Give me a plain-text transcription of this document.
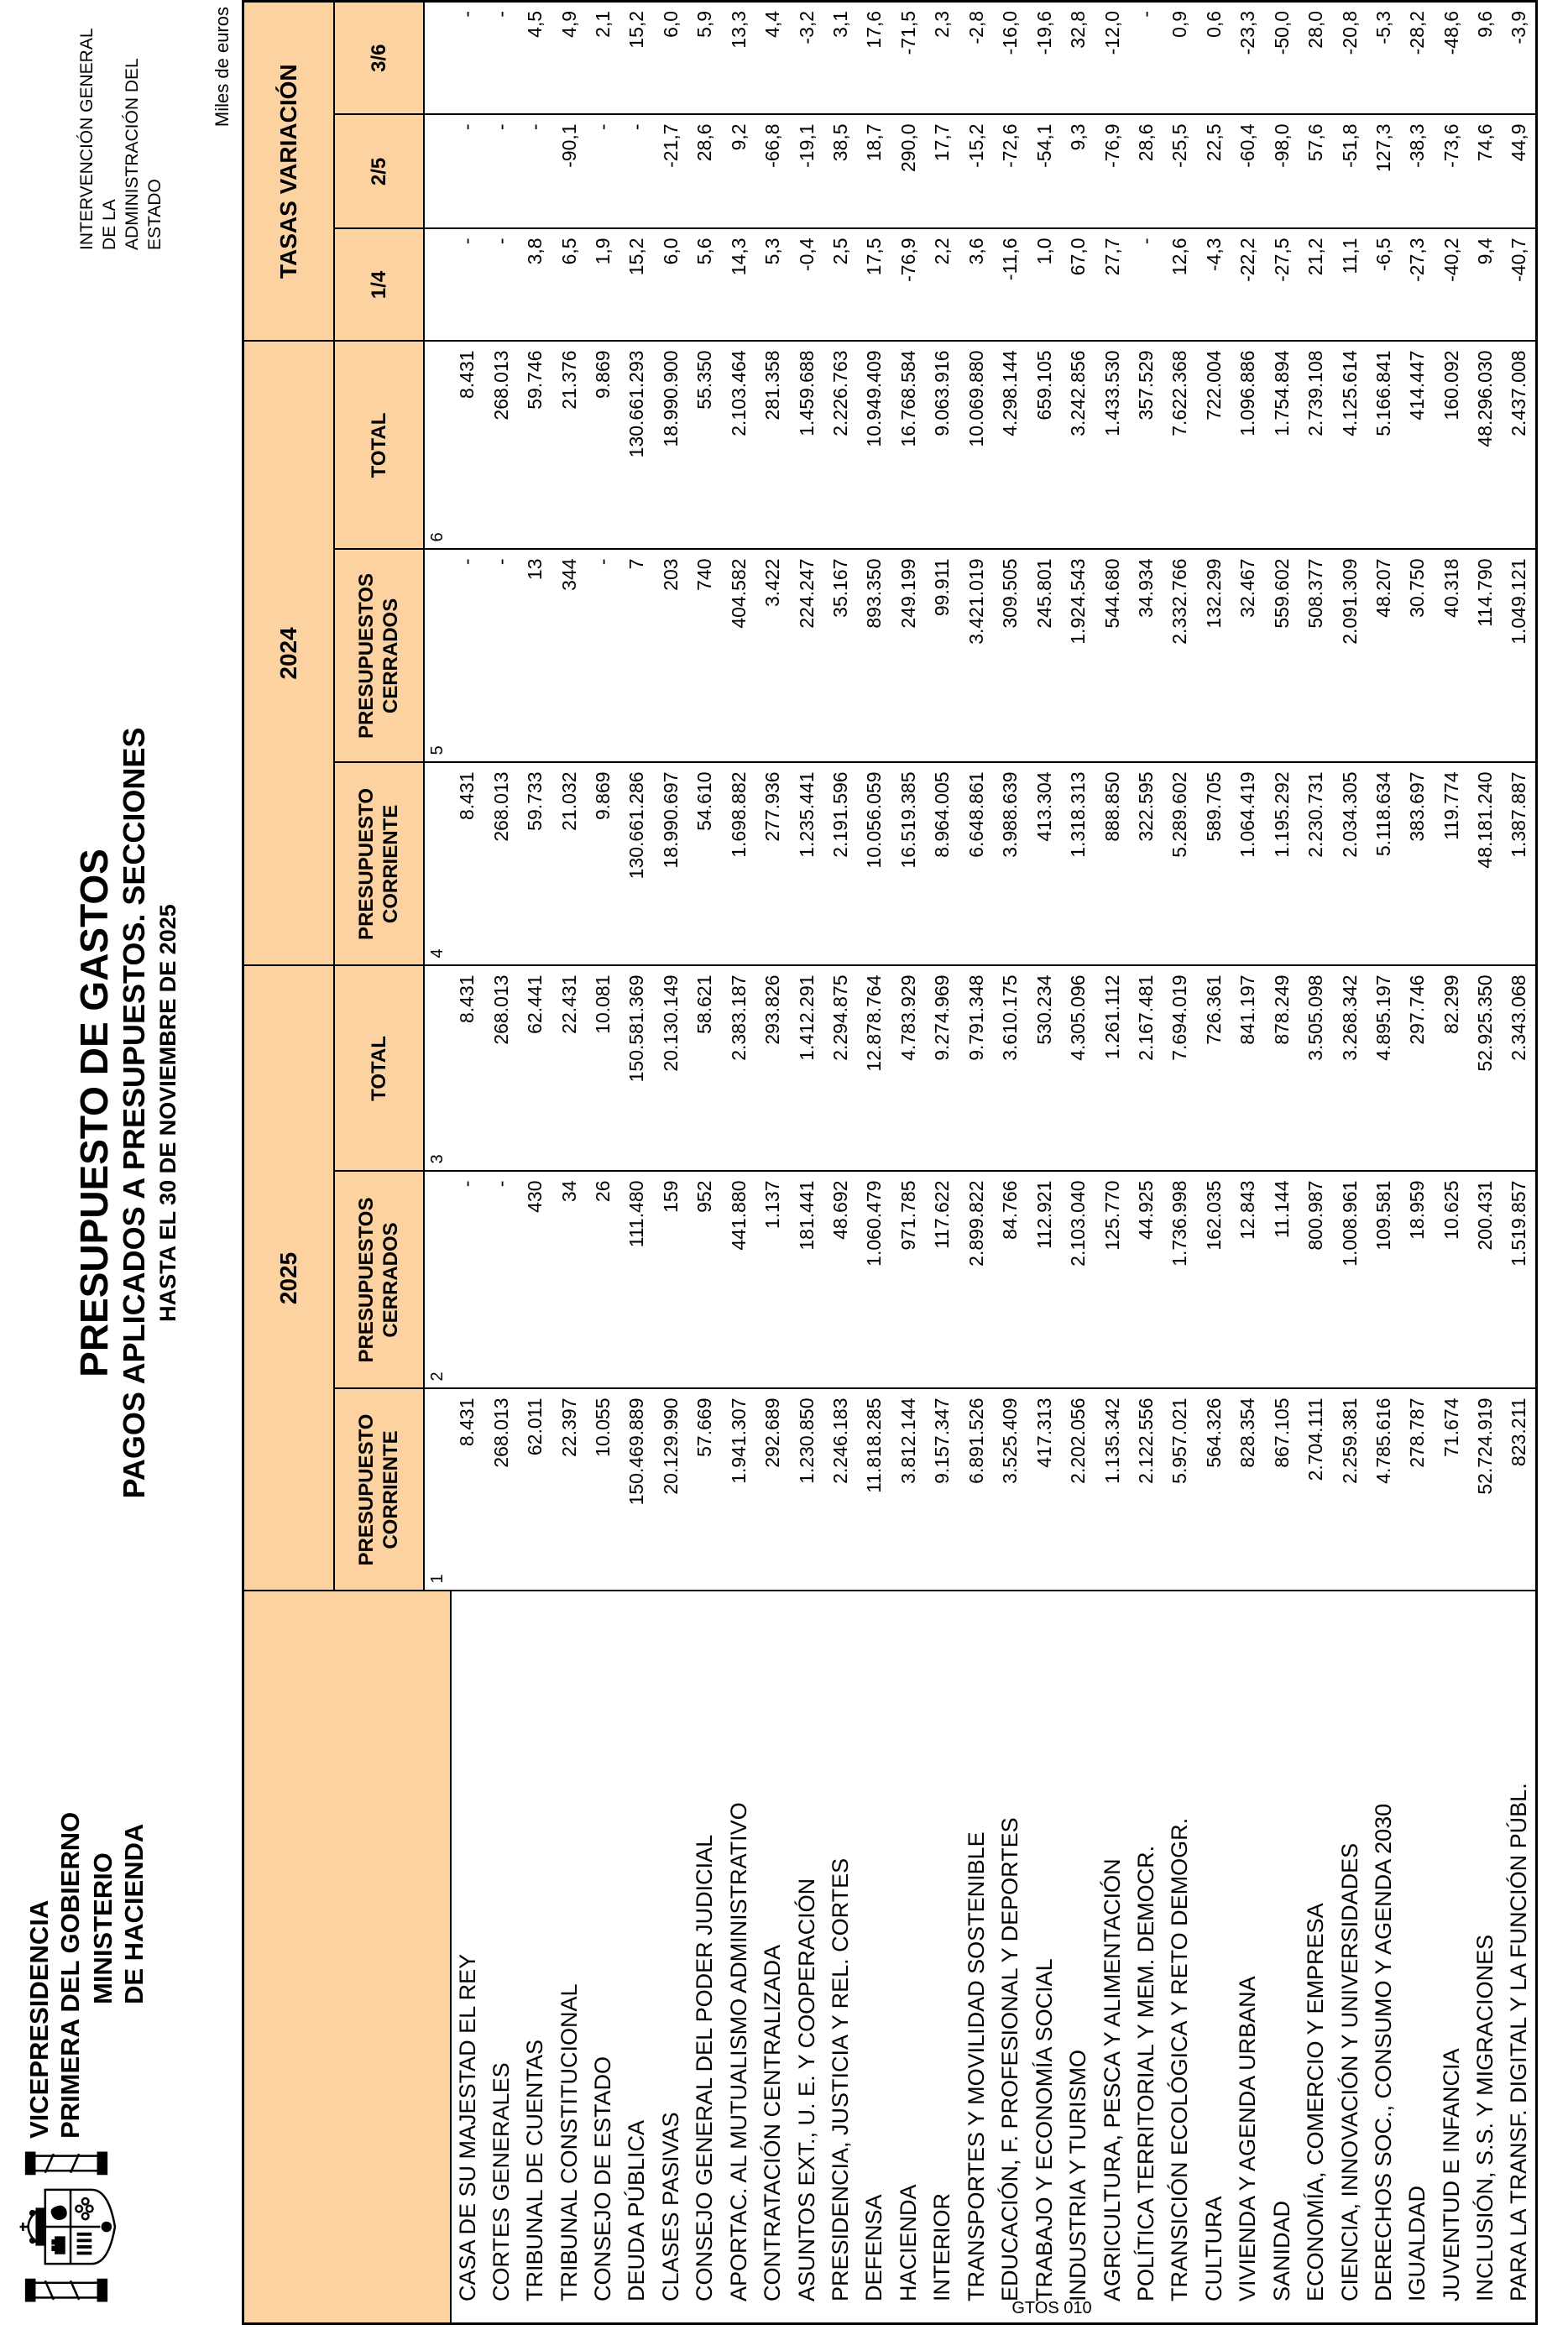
VICEPRESIDENCIA PRIMERA DEL GOBIERNO MINISTERIO DE HACIENDA
INTERVENCIÓN GENERAL DE LA ADMINISTRACIÓN DEL ESTADO
PRESUPUESTO DE GASTOS PAGOS APLICADOS A PRESUPUESTOS. SECCIONES HASTA EL 30 DE NOVIEMBRE DE 2025
Miles de euros
GTOS 010
	2025			2024			TASAS VARIACIÓN		
	PRESUPUESTO CORRIENTE	PRESUPUESTOS CERRADOS	TOTAL	PRESUPUESTO CORRIENTE	PRESUPUESTOS CERRADOS	TOTAL	1/4	2/5	3/6
	1	2	3	4	5	6			
CASA DE SU MAJESTAD EL REY	8.431	-	8.431	8.431	-	8.431	-	-	-
CORTES GENERALES	268.013	-	268.013	268.013	-	268.013	-	-	-
TRIBUNAL DE CUENTAS	62.011	430	62.441	59.733	13	59.746	3,8	-	4,5
TRIBUNAL CONSTITUCIONAL	22.397	34	22.431	21.032	344	21.376	6,5	-90,1	4,9
CONSEJO DE ESTADO	10.055	26	10.081	9.869	-	9.869	1,9	-	2,1
DEUDA PÚBLICA	150.469.889	111.480	150.581.369	130.661.286	7	130.661.293	15,2	-	15,2
CLASES PASIVAS	20.129.990	159	20.130.149	18.990.697	203	18.990.900	6,0	-21,7	6,0
CONSEJO GENERAL DEL PODER JUDICIAL	57.669	952	58.621	54.610	740	55.350	5,6	28,6	5,9
APORTAC. AL MUTUALISMO ADMINISTRATIVO	1.941.307	441.880	2.383.187	1.698.882	404.582	2.103.464	14,3	9,2	13,3
CONTRATACIÓN CENTRALIZADA	292.689	1.137	293.826	277.936	3.422	281.358	5,3	-66,8	4,4
ASUNTOS EXT., U. E. Y COOPERACIÓN	1.230.850	181.441	1.412.291	1.235.441	224.247	1.459.688	-0,4	-19,1	-3,2
PRESIDENCIA, JUSTICIA Y REL. CORTES	2.246.183	48.692	2.294.875	2.191.596	35.167	2.226.763	2,5	38,5	3,1
DEFENSA	11.818.285	1.060.479	12.878.764	10.056.059	893.350	10.949.409	17,5	18,7	17,6
HACIENDA	3.812.144	971.785	4.783.929	16.519.385	249.199	16.768.584	-76,9	290,0	-71,5
INTERIOR	9.157.347	117.622	9.274.969	8.964.005	99.911	9.063.916	2,2	17,7	2,3
TRANSPORTES Y MOVILIDAD SOSTENIBLE	6.891.526	2.899.822	9.791.348	6.648.861	3.421.019	10.069.880	3,6	-15,2	-2,8
EDUCACIÓN, F. PROFESIONAL Y DEPORTES	3.525.409	84.766	3.610.175	3.988.639	309.505	4.298.144	-11,6	-72,6	-16,0
TRABAJO Y ECONOMÍA SOCIAL	417.313	112.921	530.234	413.304	245.801	659.105	1,0	-54,1	-19,6
INDUSTRIA Y TURISMO	2.202.056	2.103.040	4.305.096	1.318.313	1.924.543	3.242.856	67,0	9,3	32,8
AGRICULTURA, PESCA Y ALIMENTACIÓN	1.135.342	125.770	1.261.112	888.850	544.680	1.433.530	27,7	-76,9	-12,0
POLÍTICA TERRITORIAL Y MEM. DEMOCR.	2.122.556	44.925	2.167.481	322.595	34.934	357.529	-	28,6	-
TRANSICIÓN ECOLÓGICA Y RETO DEMOGR.	5.957.021	1.736.998	7.694.019	5.289.602	2.332.766	7.622.368	12,6	-25,5	0,9
CULTURA	564.326	162.035	726.361	589.705	132.299	722.004	-4,3	22,5	0,6
VIVIENDA Y AGENDA URBANA	828.354	12.843	841.197	1.064.419	32.467	1.096.886	-22,2	-60,4	-23,3
SANIDAD	867.105	11.144	878.249	1.195.292	559.602	1.754.894	-27,5	-98,0	-50,0
ECONOMÍA, COMERCIO Y EMPRESA	2.704.111	800.987	3.505.098	2.230.731	508.377	2.739.108	21,2	57,6	28,0
CIENCIA, INNOVACIÓN Y UNIVERSIDADES	2.259.381	1.008.961	3.268.342	2.034.305	2.091.309	4.125.614	11,1	-51,8	-20,8
DERECHOS SOC., CONSUMO Y AGENDA 2030	4.785.616	109.581	4.895.197	5.118.634	48.207	5.166.841	-6,5	127,3	-5,3
IGUALDAD	278.787	18.959	297.746	383.697	30.750	414.447	-27,3	-38,3	-28,2
JUVENTUD E INFANCIA	71.674	10.625	82.299	119.774	40.318	160.092	-40,2	-73,6	-48,6
INCLUSIÓN, S.S. Y MIGRACIONES	52.724.919	200.431	52.925.350	48.181.240	114.790	48.296.030	9,4	74,6	9,6
PARA LA TRANSF. DIGITAL Y LA FUNCIÓN PÚBL.	823.211	1.519.857	2.343.068	1.387.887	1.049.121	2.437.008	-40,7	44,9	-3,9
